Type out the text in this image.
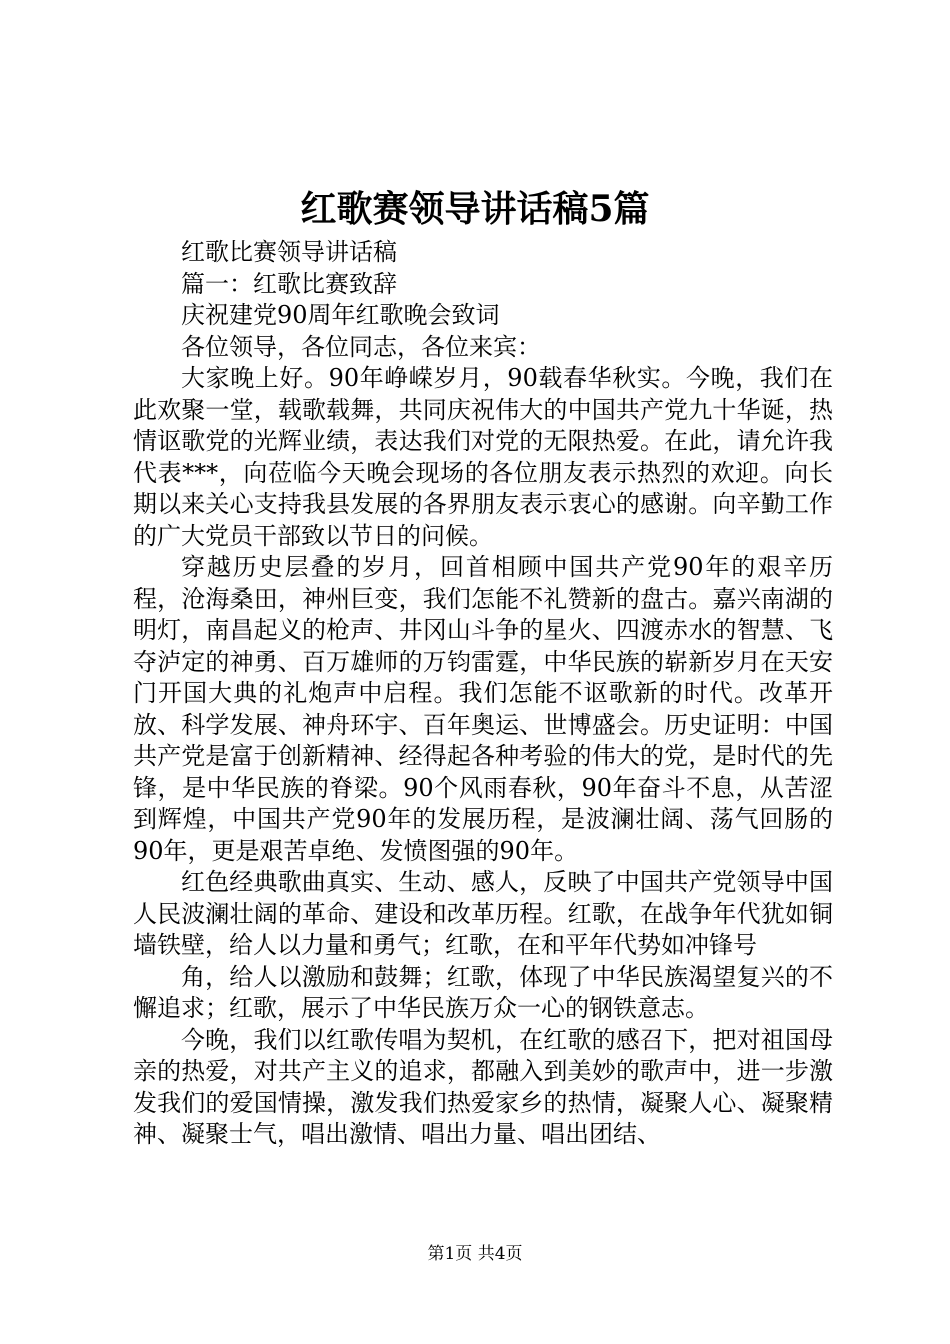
红歌赛领导讲话稿5篇

红歌比赛领导讲话稿

篇一：红歌比赛致辞

庆祝建党90周年红歌晚会致词

各位领导，各位同志，各位来宾：

大家晚上好。90年峥嵘岁月，90载春华秋实。今晚，我们在此欢聚一堂，载歌载舞，共同庆祝伟大的中国共产党九十华诞，热情讴歌党的光辉业绩，表达我们对党的无限热爱。在此，请允许我代表***，向莅临今天晚会现场的各位朋友表示热烈的欢迎。向长期以来关心支持我县发展的各界朋友表示衷心的感谢。向辛勤工作的广大党员干部致以节日的问候。

穿越历史层叠的岁月，回首相顾中国共产党90年的艰辛历程，沧海桑田，神州巨变，我们怎能不礼赞新的盘古。嘉兴南湖的明灯，南昌起义的枪声、井冈山斗争的星火、四渡赤水的智慧、飞夺泸定的神勇、百万雄师的万钧雷霆，中华民族的崭新岁月在天安门开国大典的礼炮声中启程。我们怎能不讴歌新的时代。改革开放、科学发展、神舟环宇、百年奥运、世博盛会。历史证明：中国共产党是富于创新精神、经得起各种考验的伟大的党，是时代的先锋，是中华民族的脊梁。90个风雨春秋，90年奋斗不息，从苦涩到辉煌，中国共产党90年的发展历程，是波澜壮阔、荡气回肠的90年，更是艰苦卓绝、发愤图强的90年。

红色经典歌曲真实、生动、感人，反映了中国共产党领导中国人民波澜壮阔的革命、建设和改革历程。红歌，在战争年代犹如铜墙铁壁，给人以力量和勇气；红歌，在和平年代势如冲锋号

角，给人以激励和鼓舞；红歌，体现了中华民族渴望复兴的不懈追求；红歌，展示了中华民族万众一心的钢铁意志。

今晚，我们以红歌传唱为契机，在红歌的感召下，把对祖国母亲的热爱，对共产主义的追求，都融入到美妙的歌声中，进一步激发我们的爱国情操，激发我们热爱家乡的热情，凝聚人心、凝聚精神、凝聚士气，唱出激情、唱出力量、唱出团结、

第1页 共4页
